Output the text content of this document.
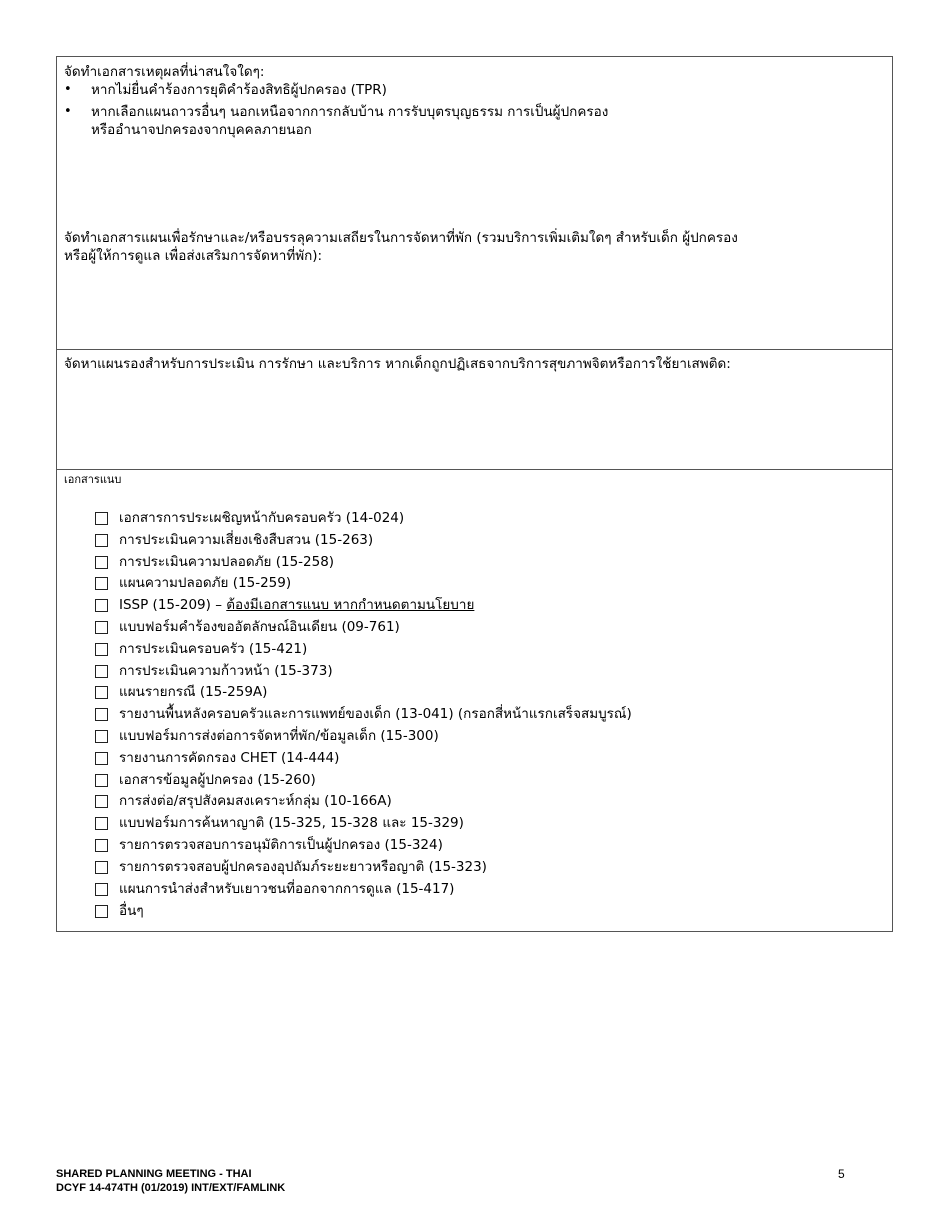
จัดทำเอกสารเหตุผลที่น่าสนใจใดๆ:
• หากไม่ยื่นคำร้องการยุติคำร้องสิทธิผู้ปกครอง (TPR)
• หากเลือกแผนถาวรอื่นๆ นอกเหนือจากการกลับบ้าน การรับบุตรบุญธรรม การเป็นผู้ปกครอง
หรืออำนาจปกครองจากบุคคลภายนอก
จัดทำเอกสารแผนเพื่อรักษาและ/หรือบรรลุความเสถียรในการจัดหาที่พัก (รวมบริการเพิ่มเติมใดๆ สำหรับเด็ก ผู้ปกครอง
หรือผู้ให้การดูแล เพื่อส่งเสริมการจัดหาที่พัก):
จัดหาแผนรองสำหรับการประเมิน การรักษา และบริการ หากเด็กถูกปฏิเสธจากบริการสุขภาพจิตหรือการใช้ยาเสพติด:
เอกสารแนบ
เอกสารการประเผชิญหน้ากับครอบครัว (14-024)
การประเมินความเสี่ยงเชิงสืบสวน (15-263)
การประเมินความปลอดภัย (15-258)
แผนความปลอดภัย (15-259)
ISSP (15-209) – ต้องมีเอกสารแนบ หากกำหนดตามนโยบาย
แบบฟอร์มคำร้องขออัตลักษณ์อินเดียน (09-761)
การประเมินครอบครัว (15-421)
การประเมินความก้าวหน้า (15-373)
แผนรายกรณี (15-259A)
รายงานพื้นหลังครอบครัวและการแพทย์ของเด็ก (13-041) (กรอกสี่หน้าแรกเสร็จสมบูรณ์)
แบบฟอร์มการส่งต่อการจัดหาที่พัก/ข้อมูลเด็ก (15-300)
รายงานการคัดกรอง CHET (14-444)
เอกสารข้อมูลผู้ปกครอง (15-260)
การส่งต่อ/สรุปสังคมสงเคราะห์กลุ่ม (10-166A)
แบบฟอร์มการค้นหาญาติ (15-325, 15-328 และ 15-329)
รายการตรวจสอบการอนุมัติการเป็นผู้ปกครอง (15-324)
รายการตรวจสอบผู้ปกครองอุปถัมภ์ระยะยาวหรือญาติ (15-323)
แผนการนำส่งสำหรับเยาวชนที่ออกจากการดูแล (15-417)
อื่นๆ
SHARED PLANNING MEETING - THAI
DCYF 14-474TH (01/2019) INT/EXT/FAMLINK
5
